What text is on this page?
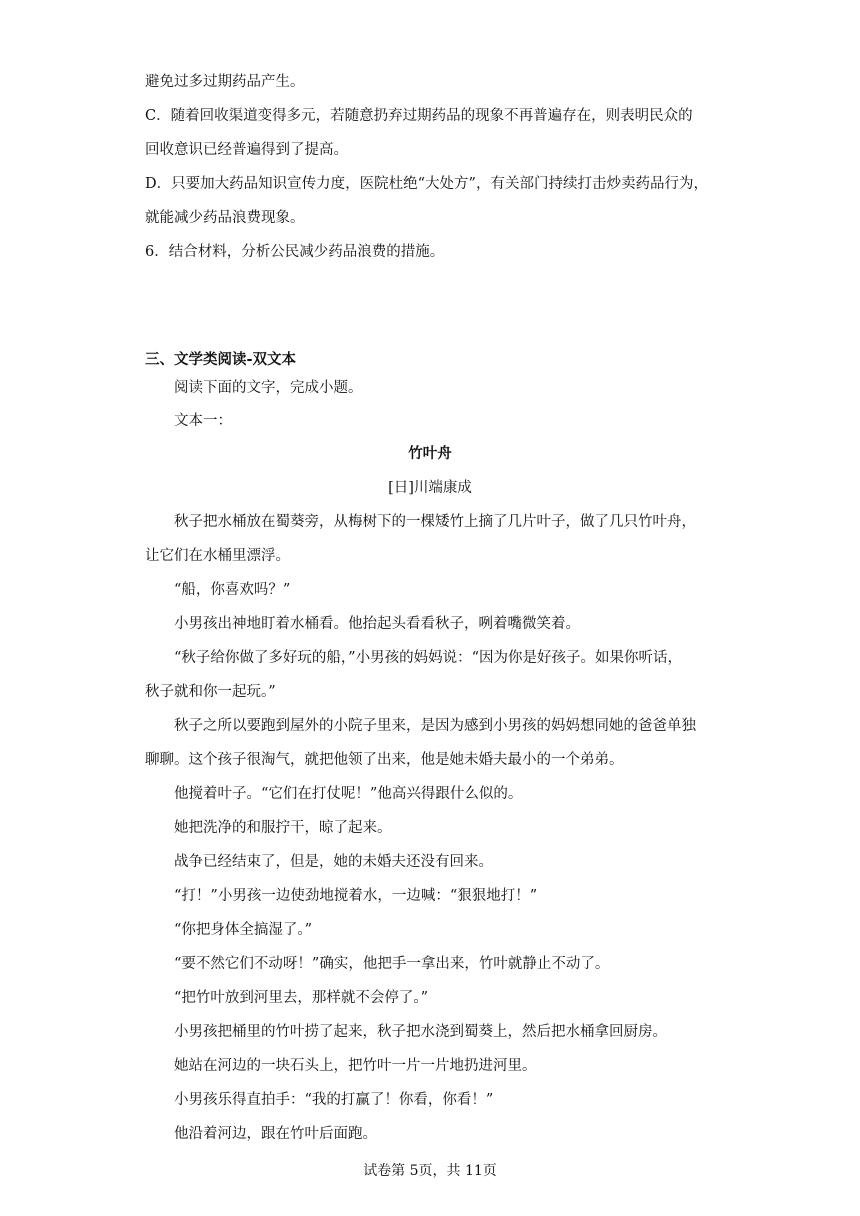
避免过多过期药品产生。
C．随着回收渠道变得多元，若随意扔弃过期药品的现象不再普遍存在，则表明民众的
回收意识已经普遍得到了提高。
D．只要加大药品知识宣传力度，医院杜绝“大处方”，有关部门持续打击炒卖药品行为，
就能减少药品浪费现象。
6．结合材料，分析公民减少药品浪费的措施。
三、文学类阅读-双文本
阅读下面的文字，完成小题。
文本一：
竹叶舟
[日]川端康成
秋子把水桶放在蜀葵旁，从梅树下的一棵矮竹上摘了几片叶子，做了几只竹叶舟，
让它们在水桶里漂浮。
“船，你喜欢吗？”
小男孩出神地盯着水桶看。他抬起头看看秋子，咧着嘴微笑着。
“秋子给你做了多好玩的船，”小男孩的妈妈说：“因为你是好孩子。如果你听话，
秋子就和你一起玩。”
秋子之所以要跑到屋外的小院子里来，是因为感到小男孩的妈妈想同她的爸爸单独
聊聊。这个孩子很淘气，就把他领了出来，他是她未婚夫最小的一个弟弟。
他搅着叶子。“它们在打仗呢！”他高兴得跟什么似的。
她把洗净的和服拧干，晾了起来。
战争已经结束了，但是，她的未婚夫还没有回来。
“打！”小男孩一边使劲地搅着水，一边喊：“狠狠地打！”
“你把身体全搞湿了。”
“要不然它们不动呀！”确实，他把手一拿出来，竹叶就静止不动了。
“把竹叶放到河里去，那样就不会停了。”
小男孩把桶里的竹叶捞了起来，秋子把水浇到蜀葵上，然后把水桶拿回厨房。
她站在河边的一块石头上，把竹叶一片一片地扔进河里。
小男孩乐得直拍手：“我的打赢了！你看，你看！”
他沿着河边，跟在竹叶后面跑。
试卷第 5页，共 11页
